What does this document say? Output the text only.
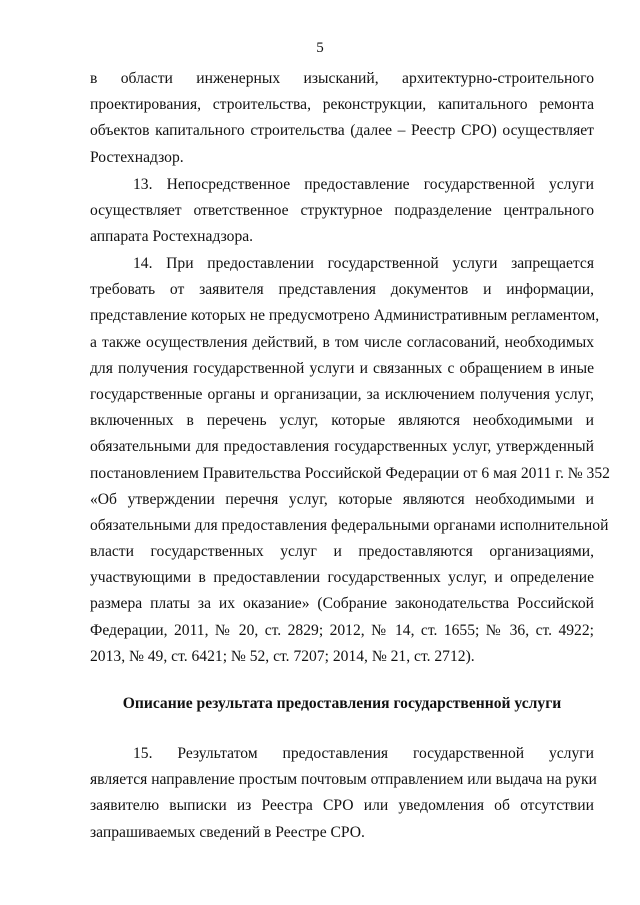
5
в области инженерных изысканий, архитектурно-строительного
проектирования, строительства, реконструкции, капитального ремонта
объектов капитального строительства (далее – Реестр СРО) осуществляет
Ростехнадзор.
13. Непосредственное предоставление государственной услуги
осуществляет ответственное структурное подразделение центрального
аппарата Ростехнадзора.
14. При предоставлении государственной услуги запрещается
требовать от заявителя представления документов и информации,
представление которых не предусмотрено Административным регламентом,
а также осуществления действий, в том числе согласований, необходимых
для получения государственной услуги и связанных с обращением в иные
государственные органы и организации, за исключением получения услуг,
включенных в перечень услуг, которые являются необходимыми и
обязательными для предоставления государственных услуг, утвержденный
постановлением Правительства Российской Федерации от 6 мая 2011 г. № 352
«Об утверждении перечня услуг, которые являются необходимыми и
обязательными для предоставления федеральными органами исполнительной
власти государственных услуг и предоставляются организациями,
участвующими в предоставлении государственных услуг, и определение
размера платы за их оказание» (Собрание законодательства Российской
Федерации, 2011, № 20, ст. 2829; 2012, № 14, ст. 1655; № 36, ст. 4922;
2013, № 49, ст. 6421; № 52, ст. 7207; 2014, № 21, ст. 2712).
Описание результата предоставления государственной услуги
15. Результатом предоставления государственной услуги
является направление простым почтовым отправлением или выдача на руки
заявителю выписки из Реестра СРО или уведомления об отсутствии
запрашиваемых сведений в Реестре СРО.
